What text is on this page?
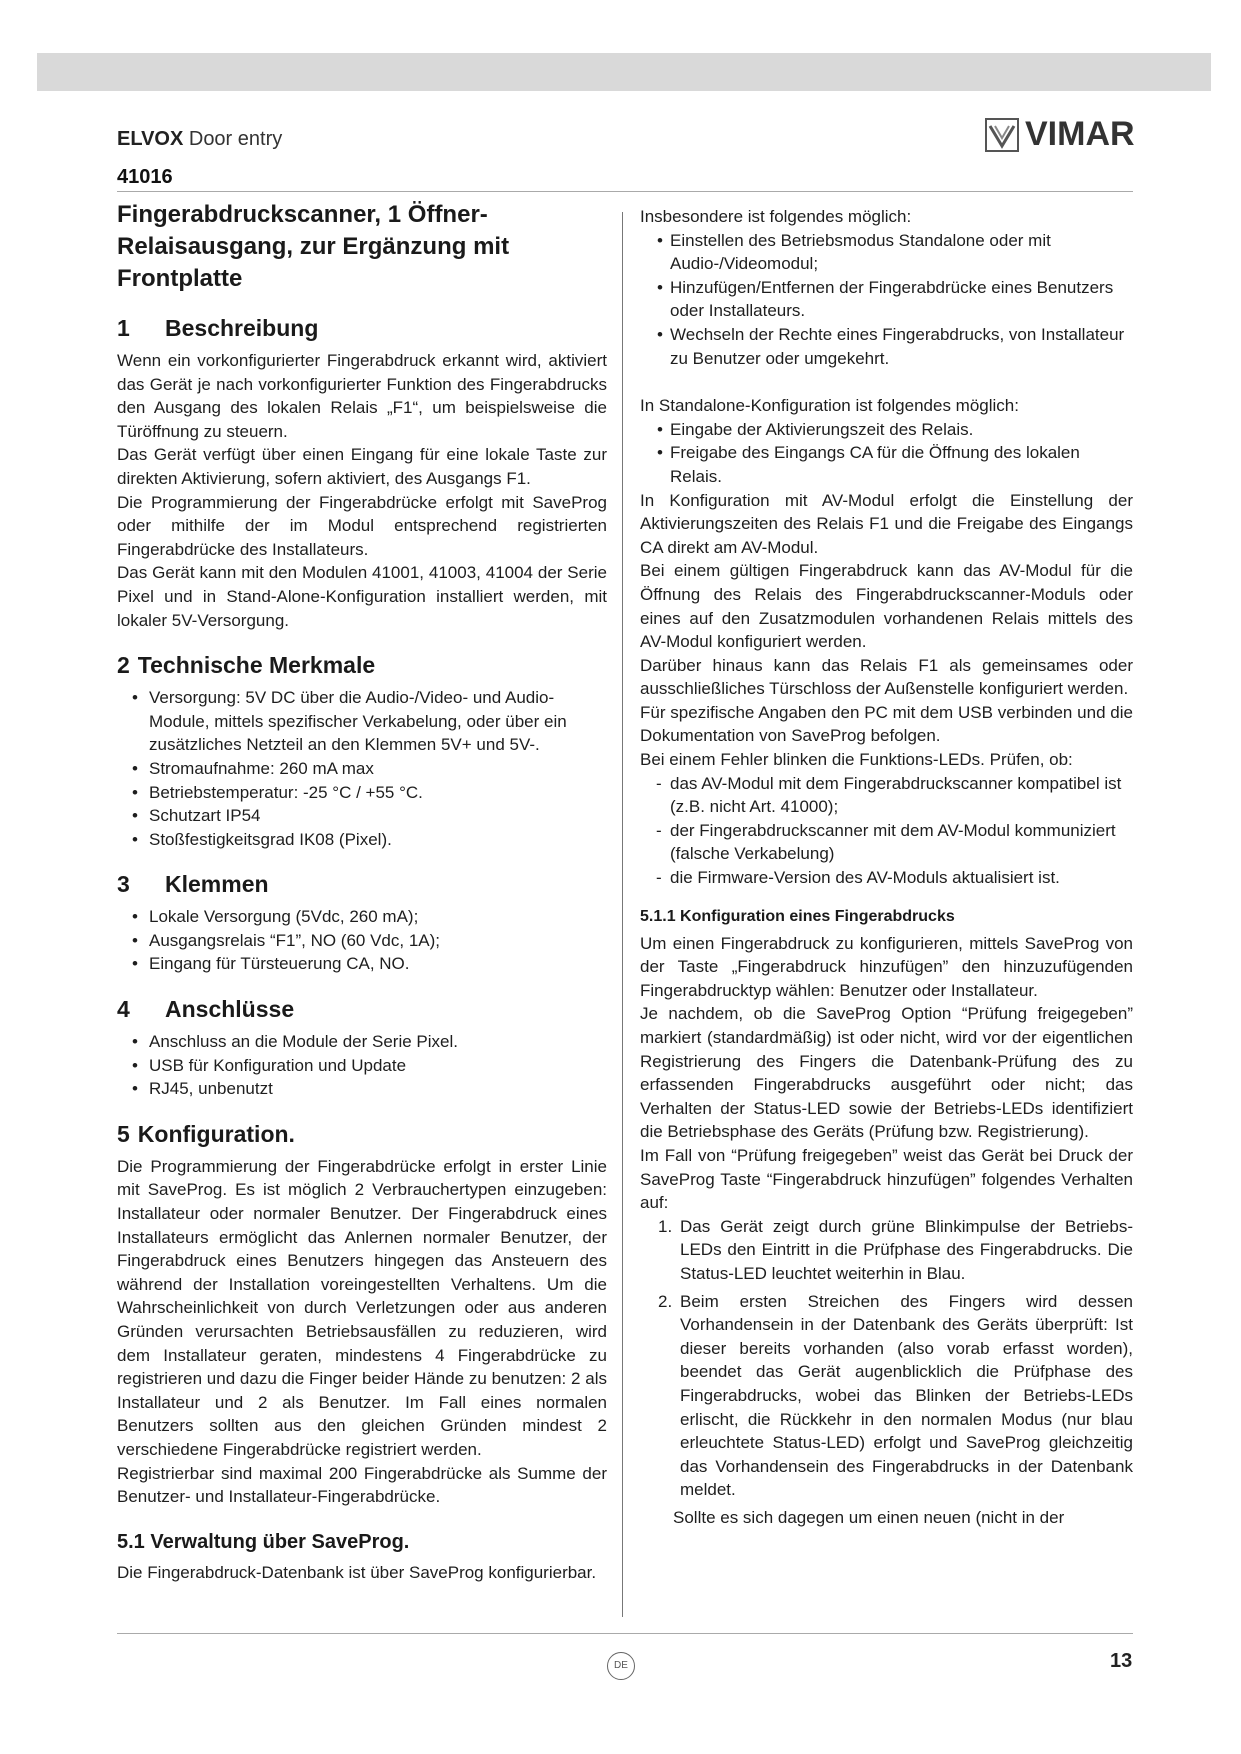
ELVOX Door entry	VIMAR
41016
Fingerabdruckscanner, 1 Öffner-Relaisausgang, zur Ergänzung mit Frontplatte
1 Beschreibung

Wenn ein vorkonfigurierter Fingerabdruck erkannt wird, aktiviert das Gerät je nach vorkonfigurierter Funktion des Fingerabdrucks den Ausgang des lokalen Relais „F1“, um beispielsweise die Türöffnung zu steuern.

Das Gerät verfügt über einen Eingang für eine lokale Taste zur direkten Aktivierung, sofern aktiviert, des Ausgangs F1.

Die Programmierung der Fingerabdrücke erfolgt mit SaveProg oder mithilfe der im Modul entsprechend registrierten Fingerabdrücke des Installateurs.

Das Gerät kann mit den Modulen 41001, 41003, 41004 der Serie Pixel und in Stand-Alone-Konfiguration installiert werden, mit lokaler 5V-Versorgung.

2 Technische Merkmale
• Versorgung: 5V DC über die Audio-/Video- und Audio-Module, mittels spezifischer Verkabelung, oder über ein zusätzliches Netzteil an den Klemmen 5V+ und 5V-.
• Stromaufnahme: 260 mA max
• Betriebstemperatur: -25 °C / +55 °C.
• Schutzart IP54
• Stoßfestigkeitsgrad IK08 (Pixel).
3 Klemmen
• Lokale Versorgung (5Vdc, 260 mA);
• Ausgangsrelais “F1”, NO (60 Vdc, 1A);
• Eingang für Türsteuerung CA, NO.
4 Anschlüsse
• Anschluss an die Module der Serie Pixel.
• USB für Konfiguration und Update
• RJ45, unbenutzt
5 Konfiguration.

Die Programmierung der Fingerabdrücke erfolgt in erster Linie mit SaveProg. Es ist möglich 2 Verbrauchertypen einzugeben: Installateur oder normaler Benutzer. Der Fingerabdruck eines Installateurs ermöglicht das Anlernen normaler Benutzer, der Fingerabdruck eines Benutzers hingegen das Ansteuern des während der Installation voreingestellten Verhaltens. Um die Wahrscheinlichkeit von durch Verletzungen oder aus anderen Gründen verursachten Betriebsausfällen zu reduzieren, wird dem Installateur geraten, mindestens 4 Fingerabdrücke zu registrieren und dazu die Finger beider Hände zu benutzen: 2 als Installateur und 2 als Benutzer. Im Fall eines normalen Benutzers sollten aus den gleichen Gründen mindest 2 verschiedene Fingerabdrücke registriert werden.

Registrierbar sind maximal 200 Fingerabdrücke als Summe der Benutzer- und Installateur-Fingerabdrücke.

5.1 Verwaltung über SaveProg.

Die Fingerabdruck-Datenbank ist über SaveProg konfigurierbar.

Insbesondere ist folgendes möglich:

• Einstellen des Betriebsmodus Standalone oder mit Audio-/Videomodul;
• Hinzufügen/Entfernen der Fingerabdrücke eines Benutzers oder Installateurs.
• Wechseln der Rechte eines Fingerabdrucks, von Installateur zu Benutzer oder umgekehrt.

In Standalone-Konfiguration ist folgendes möglich:

• Eingabe der Aktivierungszeit des Relais.
• Freigabe des Eingangs CA für die Öffnung des lokalen Relais.

In Konfiguration mit AV-Modul erfolgt die Einstellung der Aktivierungszeiten des Relais F1 und die Freigabe des Eingangs CA direkt am AV-Modul.

Bei einem gültigen Fingerabdruck kann das AV-Modul für die Öffnung des Relais des Fingerabdruckscanner-Moduls oder eines auf den Zusatzmodulen vorhandenen Relais mittels des AV-Modul konfiguriert werden.

Darüber hinaus kann das Relais F1 als gemeinsames oder ausschließliches Türschloss der Außenstelle konfiguriert werden.

Für spezifische Angaben den PC mit dem USB verbinden und die Dokumentation von SaveProg befolgen.

Bei einem Fehler blinken die Funktions-LEDs. Prüfen, ob:

- das AV-Modul mit dem Fingerabdruckscanner kompatibel ist (z.B. nicht Art. 41000);
- der Fingerabdruckscanner mit dem AV-Modul kommuniziert (falsche Verkabelung)
- die Firmware-Version des AV-Moduls aktualisiert ist.
5.1.1 Konfiguration eines Fingerabdrucks

Um einen Fingerabdruck zu konfigurieren, mittels SaveProg von der Taste „Fingerabdruck hinzufügen” den hinzuzufügenden Fingerabdrucktyp wählen: Benutzer oder Installateur.

Je nachdem, ob die SaveProg Option “Prüfung freigegeben” markiert (standardmäßig) ist oder nicht, wird vor der eigentlichen Registrierung des Fingers die Datenbank-Prüfung des zu erfassenden Fingerabdrucks ausgeführt oder nicht; das Verhalten der Status-LED sowie der Betriebs-LEDs identifiziert die Betriebsphase des Geräts (Prüfung bzw. Registrierung).

Im Fall von “Prüfung freigegeben” weist das Gerät bei Druck der SaveProg Taste “Fingerabdruck hinzufügen” folgendes Verhalten auf:

1. Das Gerät zeigt durch grüne Blinkimpulse der Betriebs-LEDs den Eintritt in die Prüfphase des Fingerabdrucks. Die Status-LED leuchtet weiterhin in Blau.
2. Beim ersten Streichen des Fingers wird dessen Vorhandensein in der Datenbank des Geräts überprüft: Ist dieser bereits vorhanden (also vorab erfasst worden), beendet das Gerät augenblicklich die Prüfphase des Fingerabdrucks, wobei das Blinken der Betriebs-LEDs erlischt, die Rückkehr in den normalen Modus (nur blau erleuchtete Status-LED) erfolgt und SaveProg gleichzeitig das Vorhandensein des Fingerabdrucks in der Datenbank meldet.

Sollte es sich dagegen um einen neuen (nicht in der

DE	13
